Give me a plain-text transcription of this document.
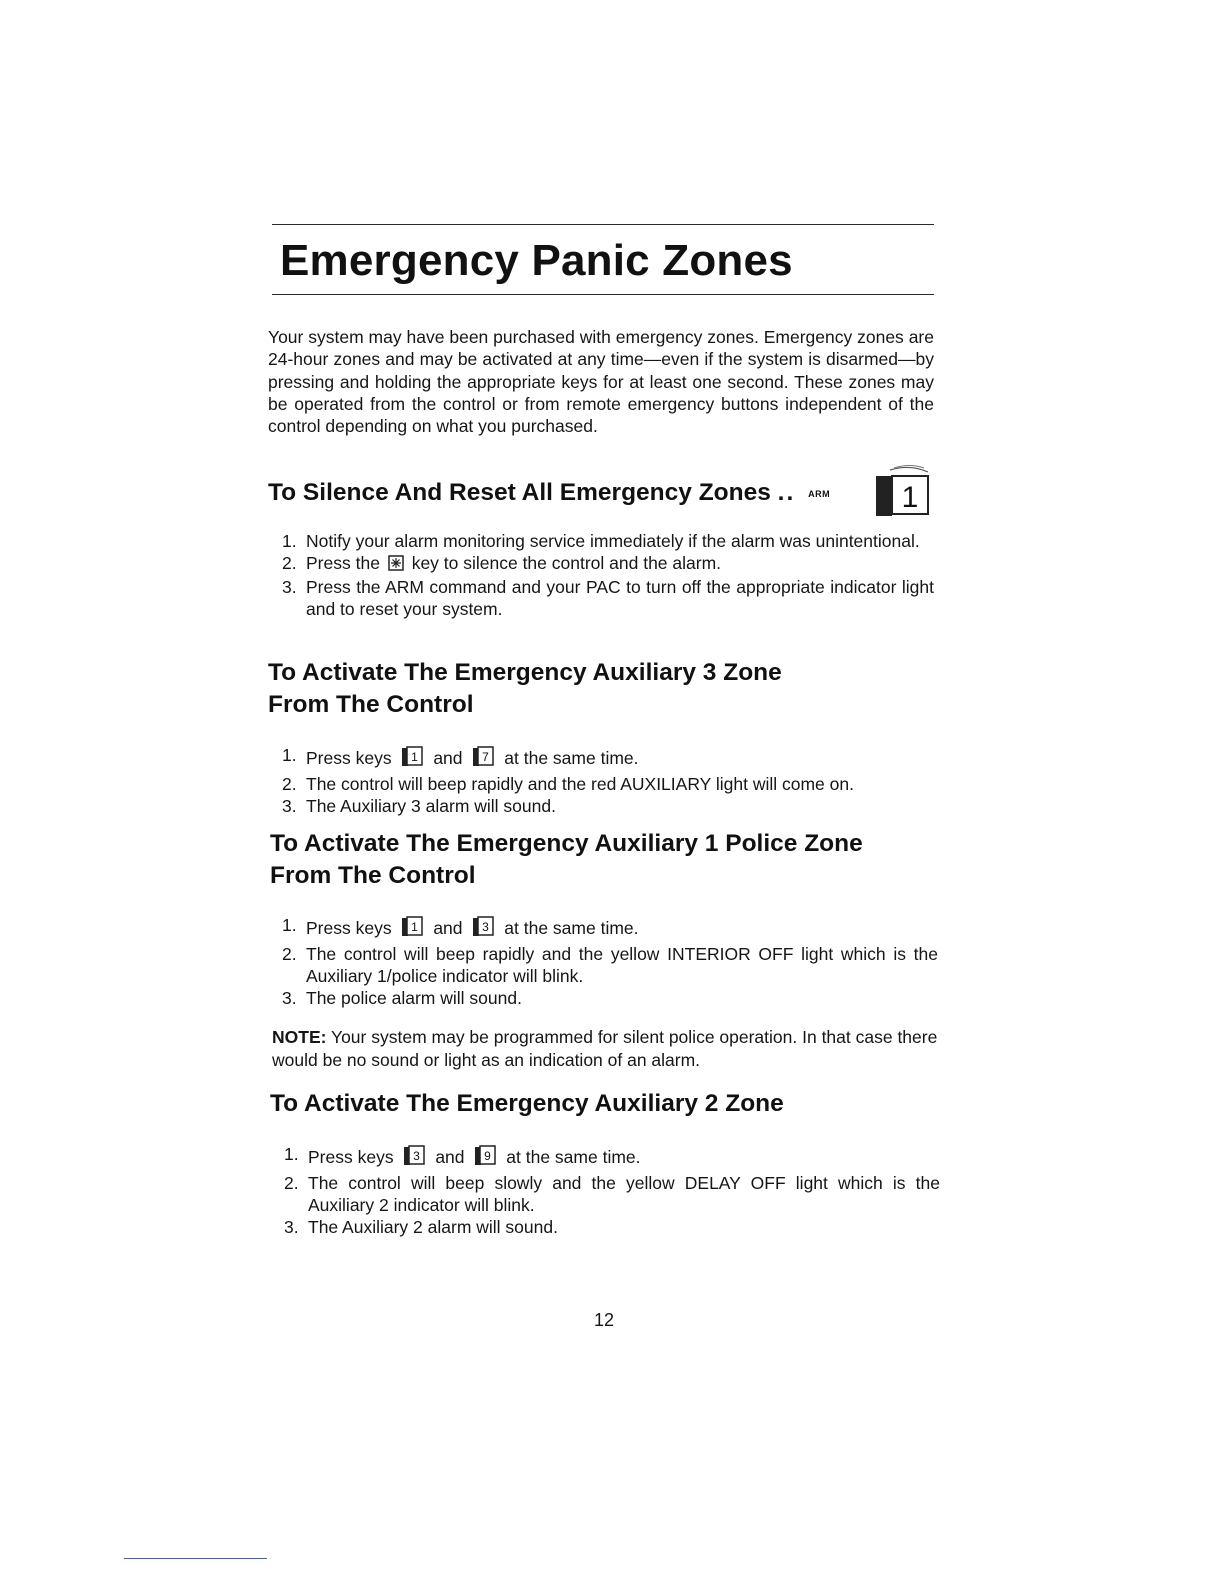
Emergency Panic Zones

Your system may have been purchased with emergency zones. Emergency zones are 24-hour zones and may be activated at any time—even if the system is disarmed—by pressing and holding the appropriate keys for at least one second. These zones may be operated from the control or from remote emergency buttons independent of the control depending on what you purchased.

To Silence And Reset All Emergency Zones .. ARM 1
1. Notify your alarm monitoring service immediately if the alarm was unintentional.
2. Press the key to silence the control and the alarm.
3. Press the ARM command and your PAC to turn off the appropriate indicator light and to reset your system.
To Activate The Emergency Auxiliary 3 Zone
From The Control
1. Press keys 1 and 7 at the same time.
2. The control will beep rapidly and the red AUXILIARY light will come on.
3. The Auxiliary 3 alarm will sound.
To Activate The Emergency Auxiliary 1 Police Zone
From The Control
1. Press keys 1 and 3 at the same time.
2. The control will beep rapidly and the yellow INTERIOR OFF light which is the Auxiliary 1/police indicator will blink.
3. The police alarm will sound.

NOTE: Your system may be programmed for silent police operation. In that case there would be no sound or light as an indication of an alarm.

To Activate The Emergency Auxiliary 2 Zone
1. Press keys 3 and 9 at the same time.
2. The control will beep slowly and the yellow DELAY OFF light which is the Auxiliary 2 indicator will blink.
3. The Auxiliary 2 alarm will sound.
12
